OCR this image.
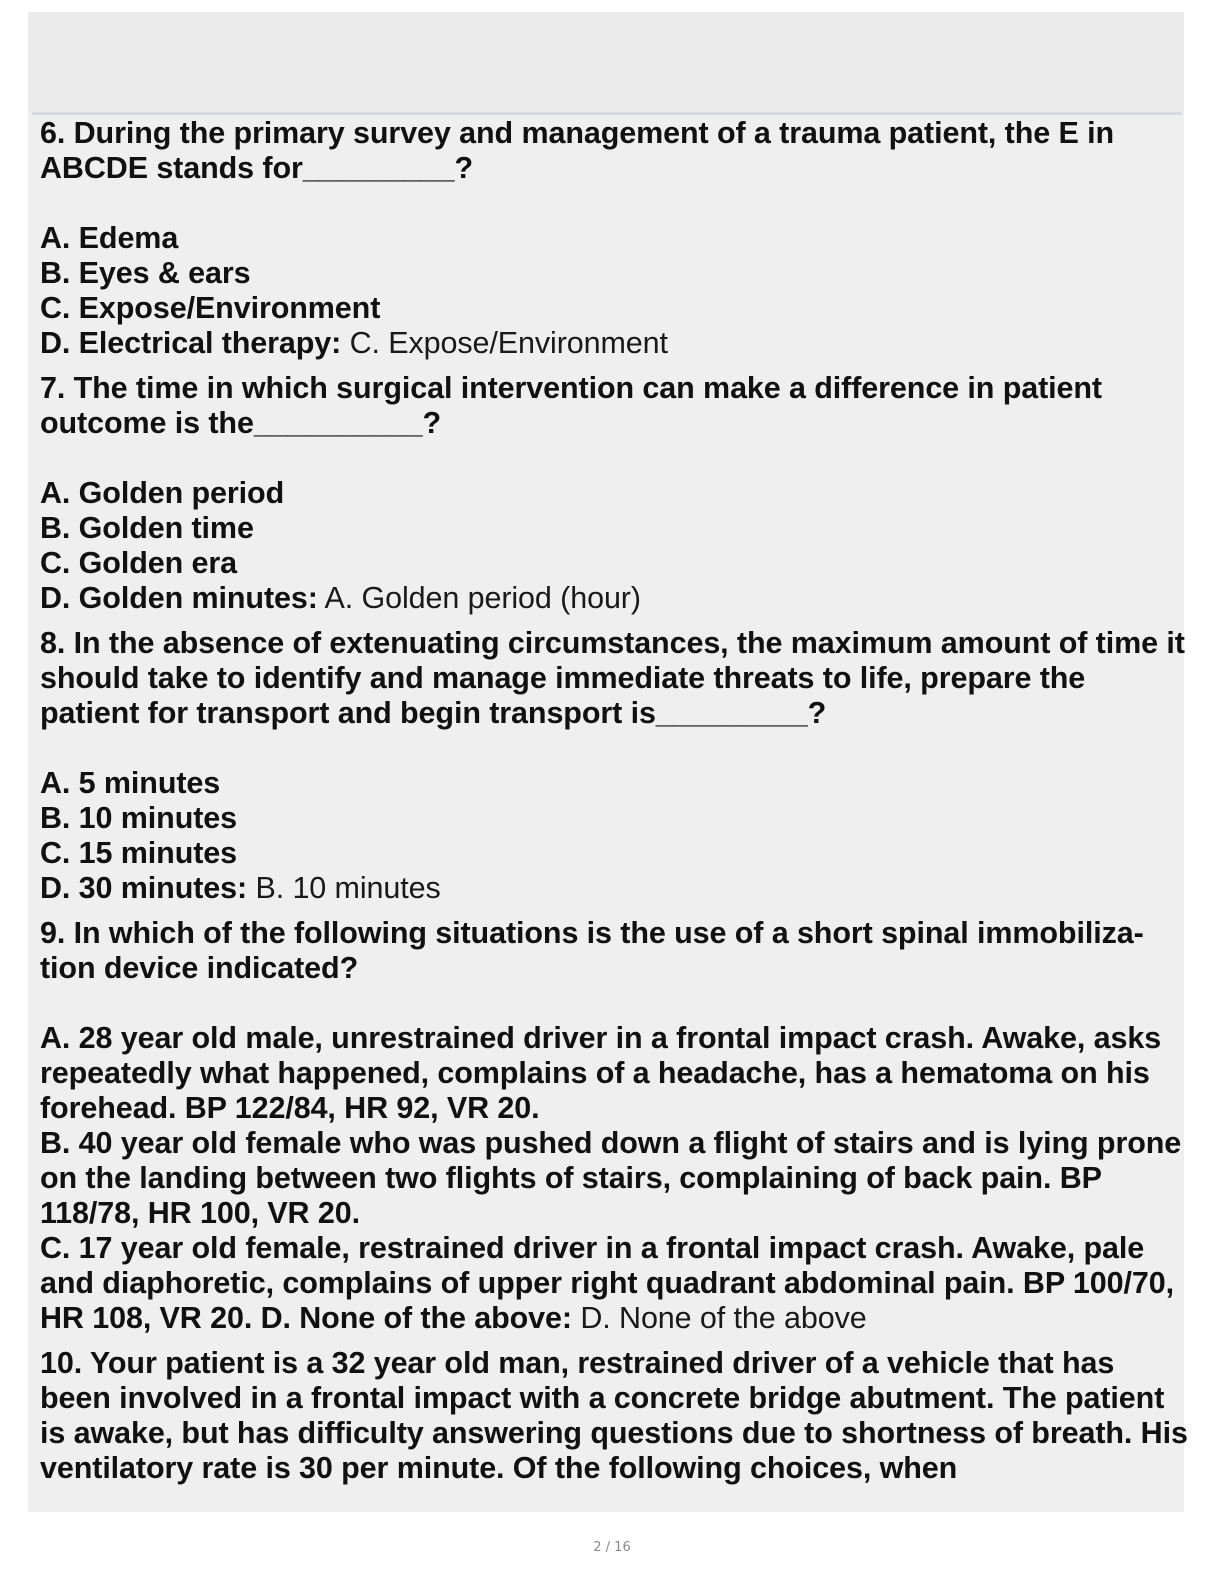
6. During the primary survey and management of a trauma patient, the E in ABCDE stands for_________?
A. Edema
B. Eyes & ears
C. Expose/Environment
D. Electrical therapy: C. Expose/Environment
7. The time in which surgical intervention can make a difference in patient outcome is the__________?
A. Golden period
B. Golden time
C. Golden era
D. Golden minutes: A. Golden period (hour)
8. In the absence of extenuating circumstances, the maximum amount of time it should take to identify and manage immediate threats to life, prepare the patient for transport and begin transport is_________?
A. 5 minutes
B. 10 minutes
C. 15 minutes
D. 30 minutes: B. 10 minutes
9. In which of the following situations is the use of a short spinal immobiliza-tion device indicated?
A. 28 year old male, unrestrained driver in a frontal impact crash. Awake, asks repeatedly what happened, complains of a headache, has a hematoma on his forehead. BP 122/84, HR 92, VR 20.
B. 40 year old female who was pushed down a flight of stairs and is lying prone on the landing between two flights of stairs, complaining of back pain. BP 118/78, HR 100, VR 20.
C. 17 year old female, restrained driver in a frontal impact crash. Awake, pale and diaphoretic, complains of upper right quadrant abdominal pain. BP 100/70, HR 108, VR 20. D. None of the above: D. None of the above
10. Your patient is a 32 year old man, restrained driver of a vehicle that has been involved in a frontal impact with a concrete bridge abutment. The patient is awake, but has difficulty answering questions due to shortness of breath. His ventilatory rate is 30 per minute. Of the following choices, when
2 / 16
